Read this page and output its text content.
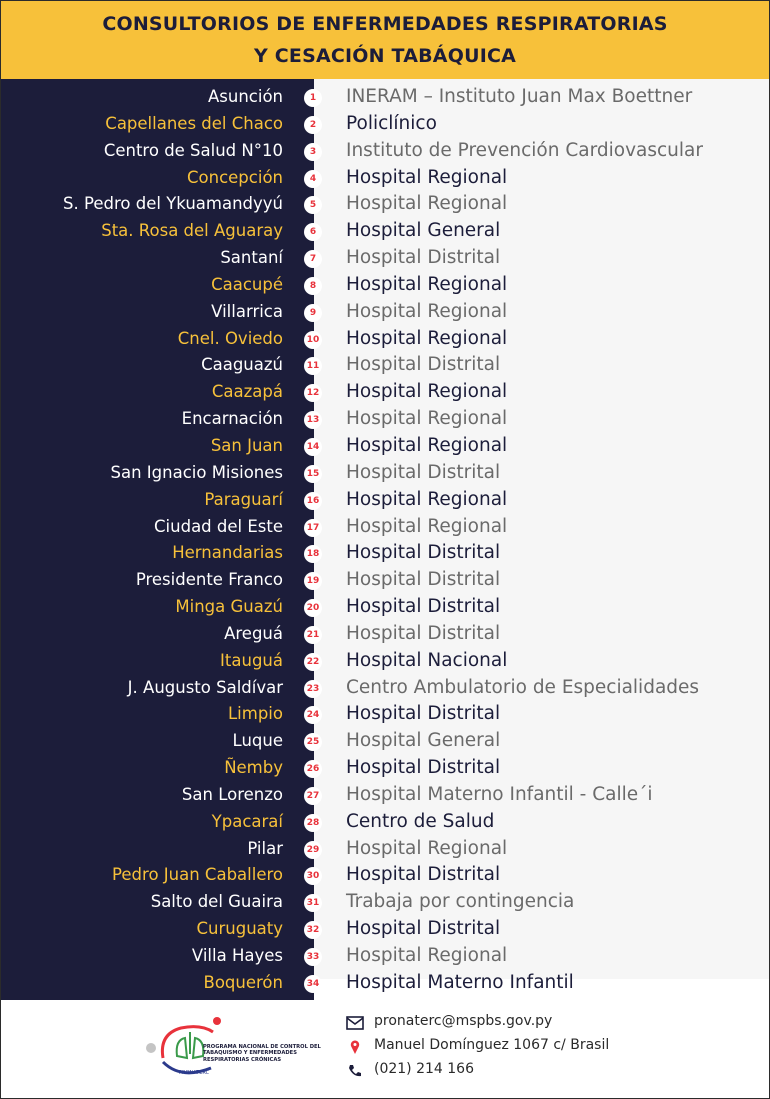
CONSULTORIOS DE ENFERMEDADES RESPIRATORIAS
Y CESACIÓN TABÁQUICA
Asunción	1	INERAM – Instituto Juan Max Boettner
Capellanes del Chaco	2	Policlínico
Centro de Salud N°10	3	Instituto de Prevención Cardiovascular
Concepción	4	Hospital Regional
S. Pedro del Ykuamandyyú	5	Hospital Regional
Sta. Rosa del Aguaray	6	Hospital General
Santaní	7	Hospital Distrital
Caacupé	8	Hospital Regional
Villarrica	9	Hospital Regional
Cnel. Oviedo	10 Hospital Regional
Caaguazú	11 Hospital Distrital
Caazapá	12 Hospital Regional
Encarnación	13 Hospital Regional
San Juan	14 Hospital Regional
San Ignacio Misiones	15 Hospital Distrital
Paraguarí	16 Hospital Regional
Ciudad del Este	17 Hospital Regional
Hernandarias	18 Hospital Distrital
Presidente Franco	19 Hospital Distrital
Minga Guazú	20 Hospital Distrital
Areguá	21 Hospital Distrital
Itauguá	22 Hospital Nacional
J. Augusto Saldívar	23 Centro Ambulatorio de Especialidades
Limpio	24 Hospital Distrital
Luque	25 Hospital General
Ñemby	26 Hospital Distrital
San Lorenzo	27 Hospital Materno Infantil - Calle´i
Ypacaraí	28 Centro de Salud
Pilar	29 Hospital Regional
Pedro Juan Caballero	30 Hospital Distrital
Salto del Guaira	31 Trabaja por contingencia
Curuguaty	32 Hospital Distrital
Villa Hayes	33 Hospital Regional
Boquerón	34 Hospital Materno Infantil
PRONATERC
PROGRAMA NACIONAL DE CONTROL DEL TABAQUISMO Y ENFERMEDADES RESPIRATORIAS CRÓNICAS
pronaterc@mspbs.gov.py
Manuel Domínguez 1067 c/ Brasil
(021) 214 166
